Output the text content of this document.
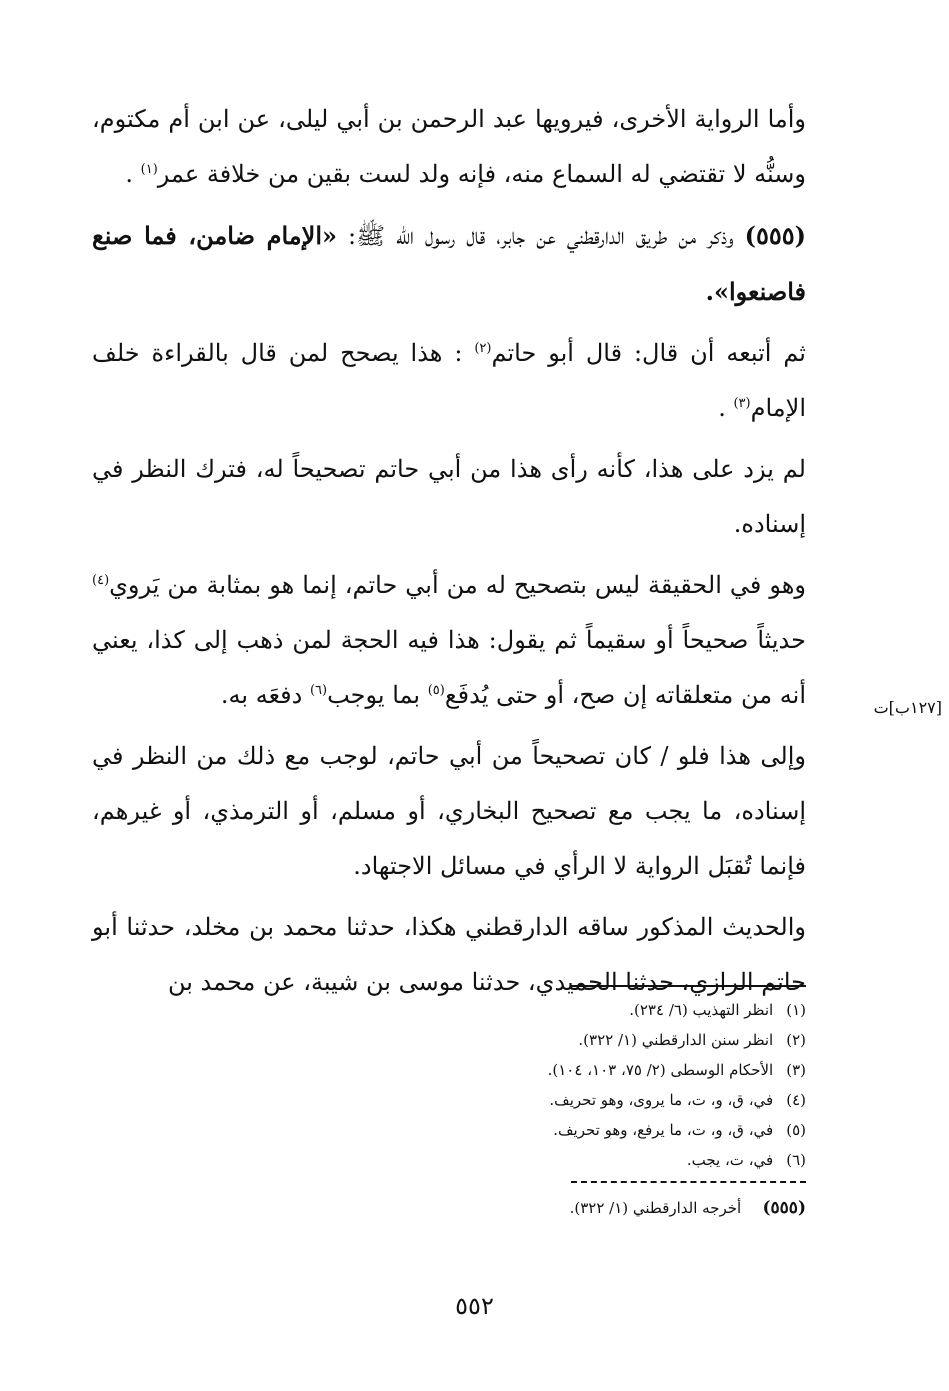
وأما الرواية الأخرى، فيرويها عبد الرحمن بن أبي ليلى، عن ابن أم مكتوم، وسنُّه لا تقتضي له السماع منه، فإنه ولد لست بقين من خلافة عمر$^{(١)}$ .

(٥٥٥) وذكر من طريق الدارقطني عن جابر، قال رسول الله ﷺ: «الإمام ضامن، فما صنع فاصنعوا».

ثم أتبعه أن قال: قال أبو حاتم$^{(٢)}$ : هذا يصحح لمن قال بالقراءة خلف الإمام$^{(٣)}$ .

لم يزد على هذا، كأنه رأى هذا من أبي حاتم تصحيحاً له، فترك النظر في إسناده.

وهو في الحقيقة ليس بتصحيح له من أبي حاتم، إنما هو بمثابة من يَروي$^{(٤)}$ حديثاً صحيحاً أو سقيماً ثم يقول: هذا فيه الحجة لمن ذهب إلى كذا، يعني أنه من متعلقاته إن صح، أو حتى يُدفَع$^{(٥)}$ بما يوجب$^{(٦)}$ دفعَه به.

وإلى هذا فلو / كان تصحيحاً من أبي حاتم، لوجب مع ذلك من النظر في إسناده، ما يجب مع تصحيح البخاري، أو مسلم، أو الترمذي، أو غيرهم، فإنما تُقبَل الرواية لا الرأي في مسائل الاجتهاد.

والحديث المذكور ساقه الدارقطني هكذا، حدثنا محمد بن مخلد، حدثنا أبو حاتم الرازي، حدثنا الحميدي، حدثنا موسى بن شيبة، عن محمد بن

[١٢٧ب]ت
(١) انظر التهذيب (٦/ ٢٣٤).
(٢) انظر سنن الدارقطني (١/ ٣٢٢).
(٣) الأحكام الوسطى (٢/ ٧٥، ١٠٣، ١٠٤).
(٤) في، ق، و، ت، ما يروى، وهو تحريف.
(٥) في، ق، و، ت، ما يرفع، وهو تحريف.
(٦) في، ت، يجب.
(٥٥٥) أخرجه الدارقطني (١/ ٣٢٢).
٥٥٢
